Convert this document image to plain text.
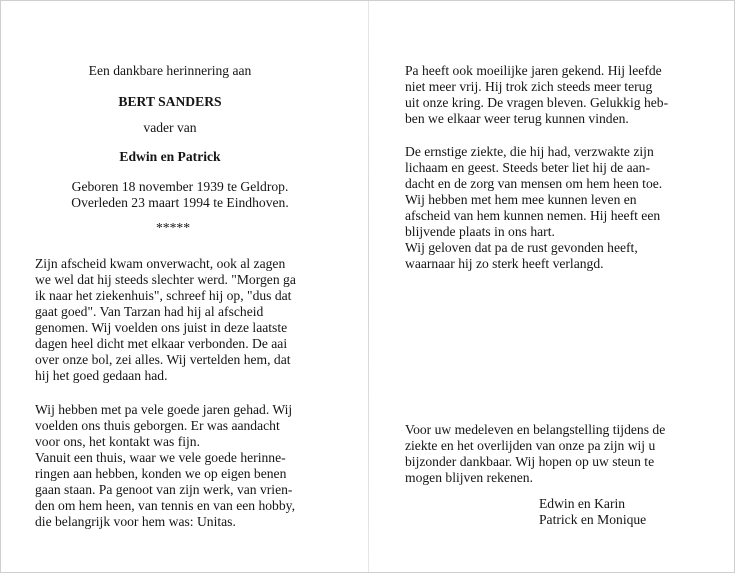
Een dankbare herinnering aan

BERT SANDERS

vader van

Edwin en Patrick

Geboren 18 november 1939 te Geldrop.

Overleden 23 maart 1994 te Eindhoven.

*****

Zijn afscheid kwam onverwacht, ook al zagen

we wel dat hij steeds slechter werd. "Morgen ga

ik naar het ziekenhuis", schreef hij op, "dus dat

gaat goed". Van Tarzan had hij al afscheid

genomen. Wij voelden ons juist in deze laatste

dagen heel dicht met elkaar verbonden. De aai

over onze bol, zei alles. Wij vertelden hem, dat

hij het goed gedaan had.

Wij hebben met pa vele goede jaren gehad. Wij

voelden ons thuis geborgen. Er was aandacht

voor ons, het kontakt was fijn.

Vanuit een thuis, waar we vele goede herinne-

ringen aan hebben, konden we op eigen benen

gaan staan. Pa genoot van zijn werk, van vrien-

den om hem heen, van tennis en van een hobby,

die belangrijk voor hem was: Unitas.

Pa heeft ook moeilijke jaren gekend. Hij leefde

niet meer vrij. Hij trok zich steeds meer terug

uit onze kring. De vragen bleven. Gelukkig heb-

ben we elkaar weer terug kunnen vinden.

De ernstige ziekte, die hij had, verzwakte zijn

lichaam en geest. Steeds beter liet hij de aan-

dacht en de zorg van mensen om hem heen toe.

Wij hebben met hem mee kunnen leven en

afscheid van hem kunnen nemen. Hij heeft een

blijvende plaats in ons hart.

Wij geloven dat pa de rust gevonden heeft,

waarnaar hij zo sterk heeft verlangd.

Voor uw medeleven en belangstelling tijdens de

ziekte en het overlijden van onze pa zijn wij u

bijzonder dankbaar. Wij hopen op uw steun te

mogen blijven rekenen.

Edwin en Karin

Patrick en Monique
